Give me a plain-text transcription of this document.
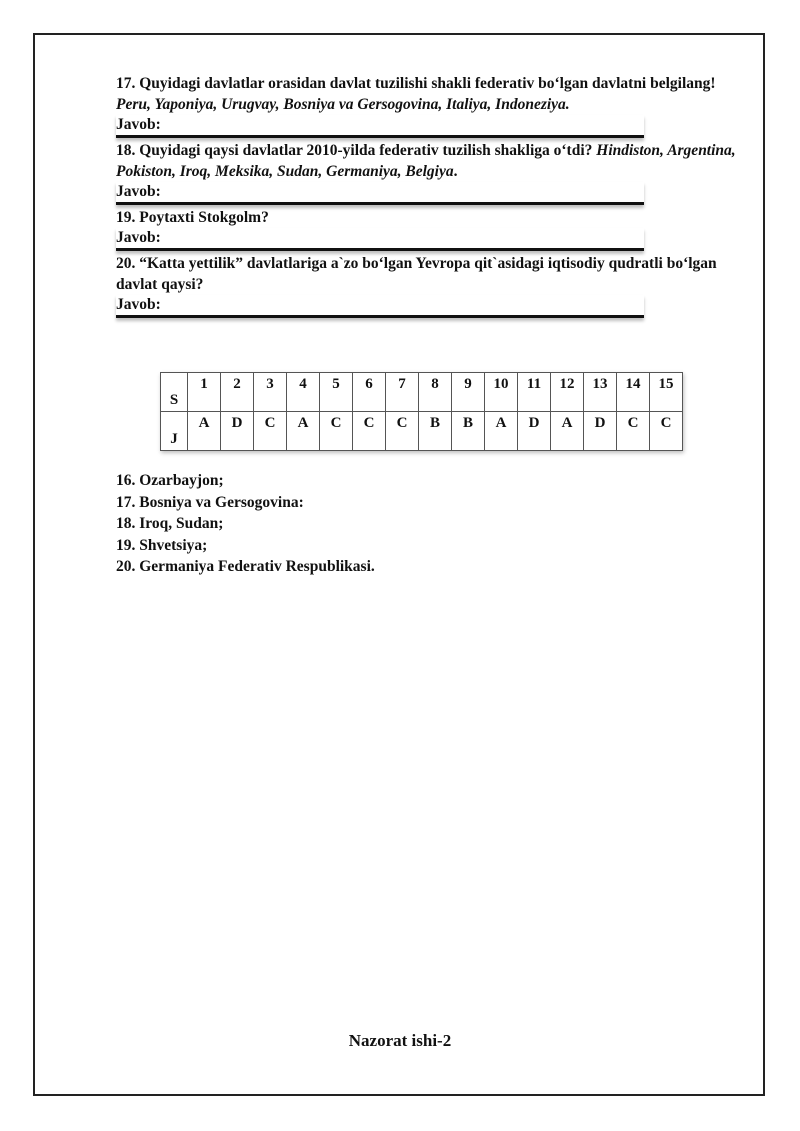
17. Quyidagi davlatlar orasidan davlat tuzilishi shakli federativ bo‘lgan davlatni belgilang!
Peru, Yaponiya, Urugvay, Bosniya va Gersogovina, Italiya, Indoneziya.
Javob:
18. Quyidagi qaysi davlatlar 2010-yilda federativ tuzilish shakliga o‘tdi? Hindiston, Argentina, Pokiston, Iroq, Meksika, Sudan, Germaniya, Belgiya.
Javob:
19. Poytaxti Stokgolm?
Javob:
20. “Katta yettilik” davlatlariga a`zo bo‘lgan Yevropa qit`asidagi iqtisodiy qudratli bo‘lgan davlat qaysi?
Javob:
S	1	2	3	4	5	6	7	8	9	10	11	12	13	14	15

J	A	D	C	A	C	C	C	B	B	A	D	A	D	C	C
16. Ozarbayjon;
17. Bosniya va Gersogovina:
18. Iroq, Sudan;
19. Shvetsiya;
20. Germaniya Federativ Respublikasi.
Nazorat ishi-2
